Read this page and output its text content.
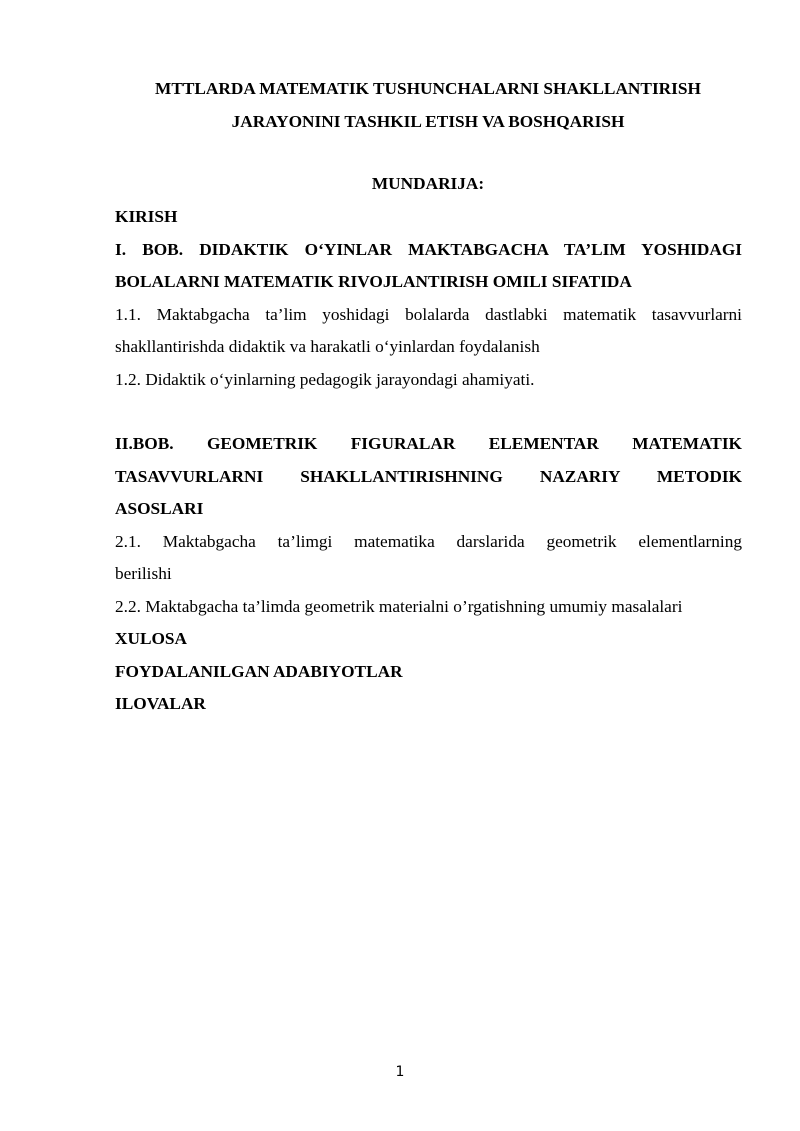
MTTLARDA MATEMATIK TUSHUNCHALARNI SHAKLLANTIRISH
JARAYONINI TASHKIL ETISH VA BOSHQARISH
MUNDARIJA:
KIRISH
I. BOB. DIDAKTIK O‘YINLAR MAKTABGACHA TA’LIM YOSHIDAGI
BOLALARNI MATEMATIK RIVOJLANTIRISH OMILI SIFATIDA
1.1. Maktabgacha ta’lim yoshidagi bolalarda dastlabki matematik tasavvurlarni
shakllantirishda didaktik va harakatli o‘yinlardan foydalanish
1.2. Didaktik o‘yinlarning pedagogik jarayondagi ahamiyati.
II.BOB. GEOMETRIK FIGURALAR ELEMENTAR MATEMATIK
TASAVVURLARNI SHAKLLANTIRISHNING NAZARIY METODIK
ASOSLARI
2.1. Maktabgacha ta’limgi matematika darslarida geometrik elementlarning
berilishi
2.2. Maktabgacha ta’limda geometrik materialni o’rgatishning umumiy masalalari
XULOSA
FOYDALANILGAN ADABIYOTLAR
ILOVALAR
1
